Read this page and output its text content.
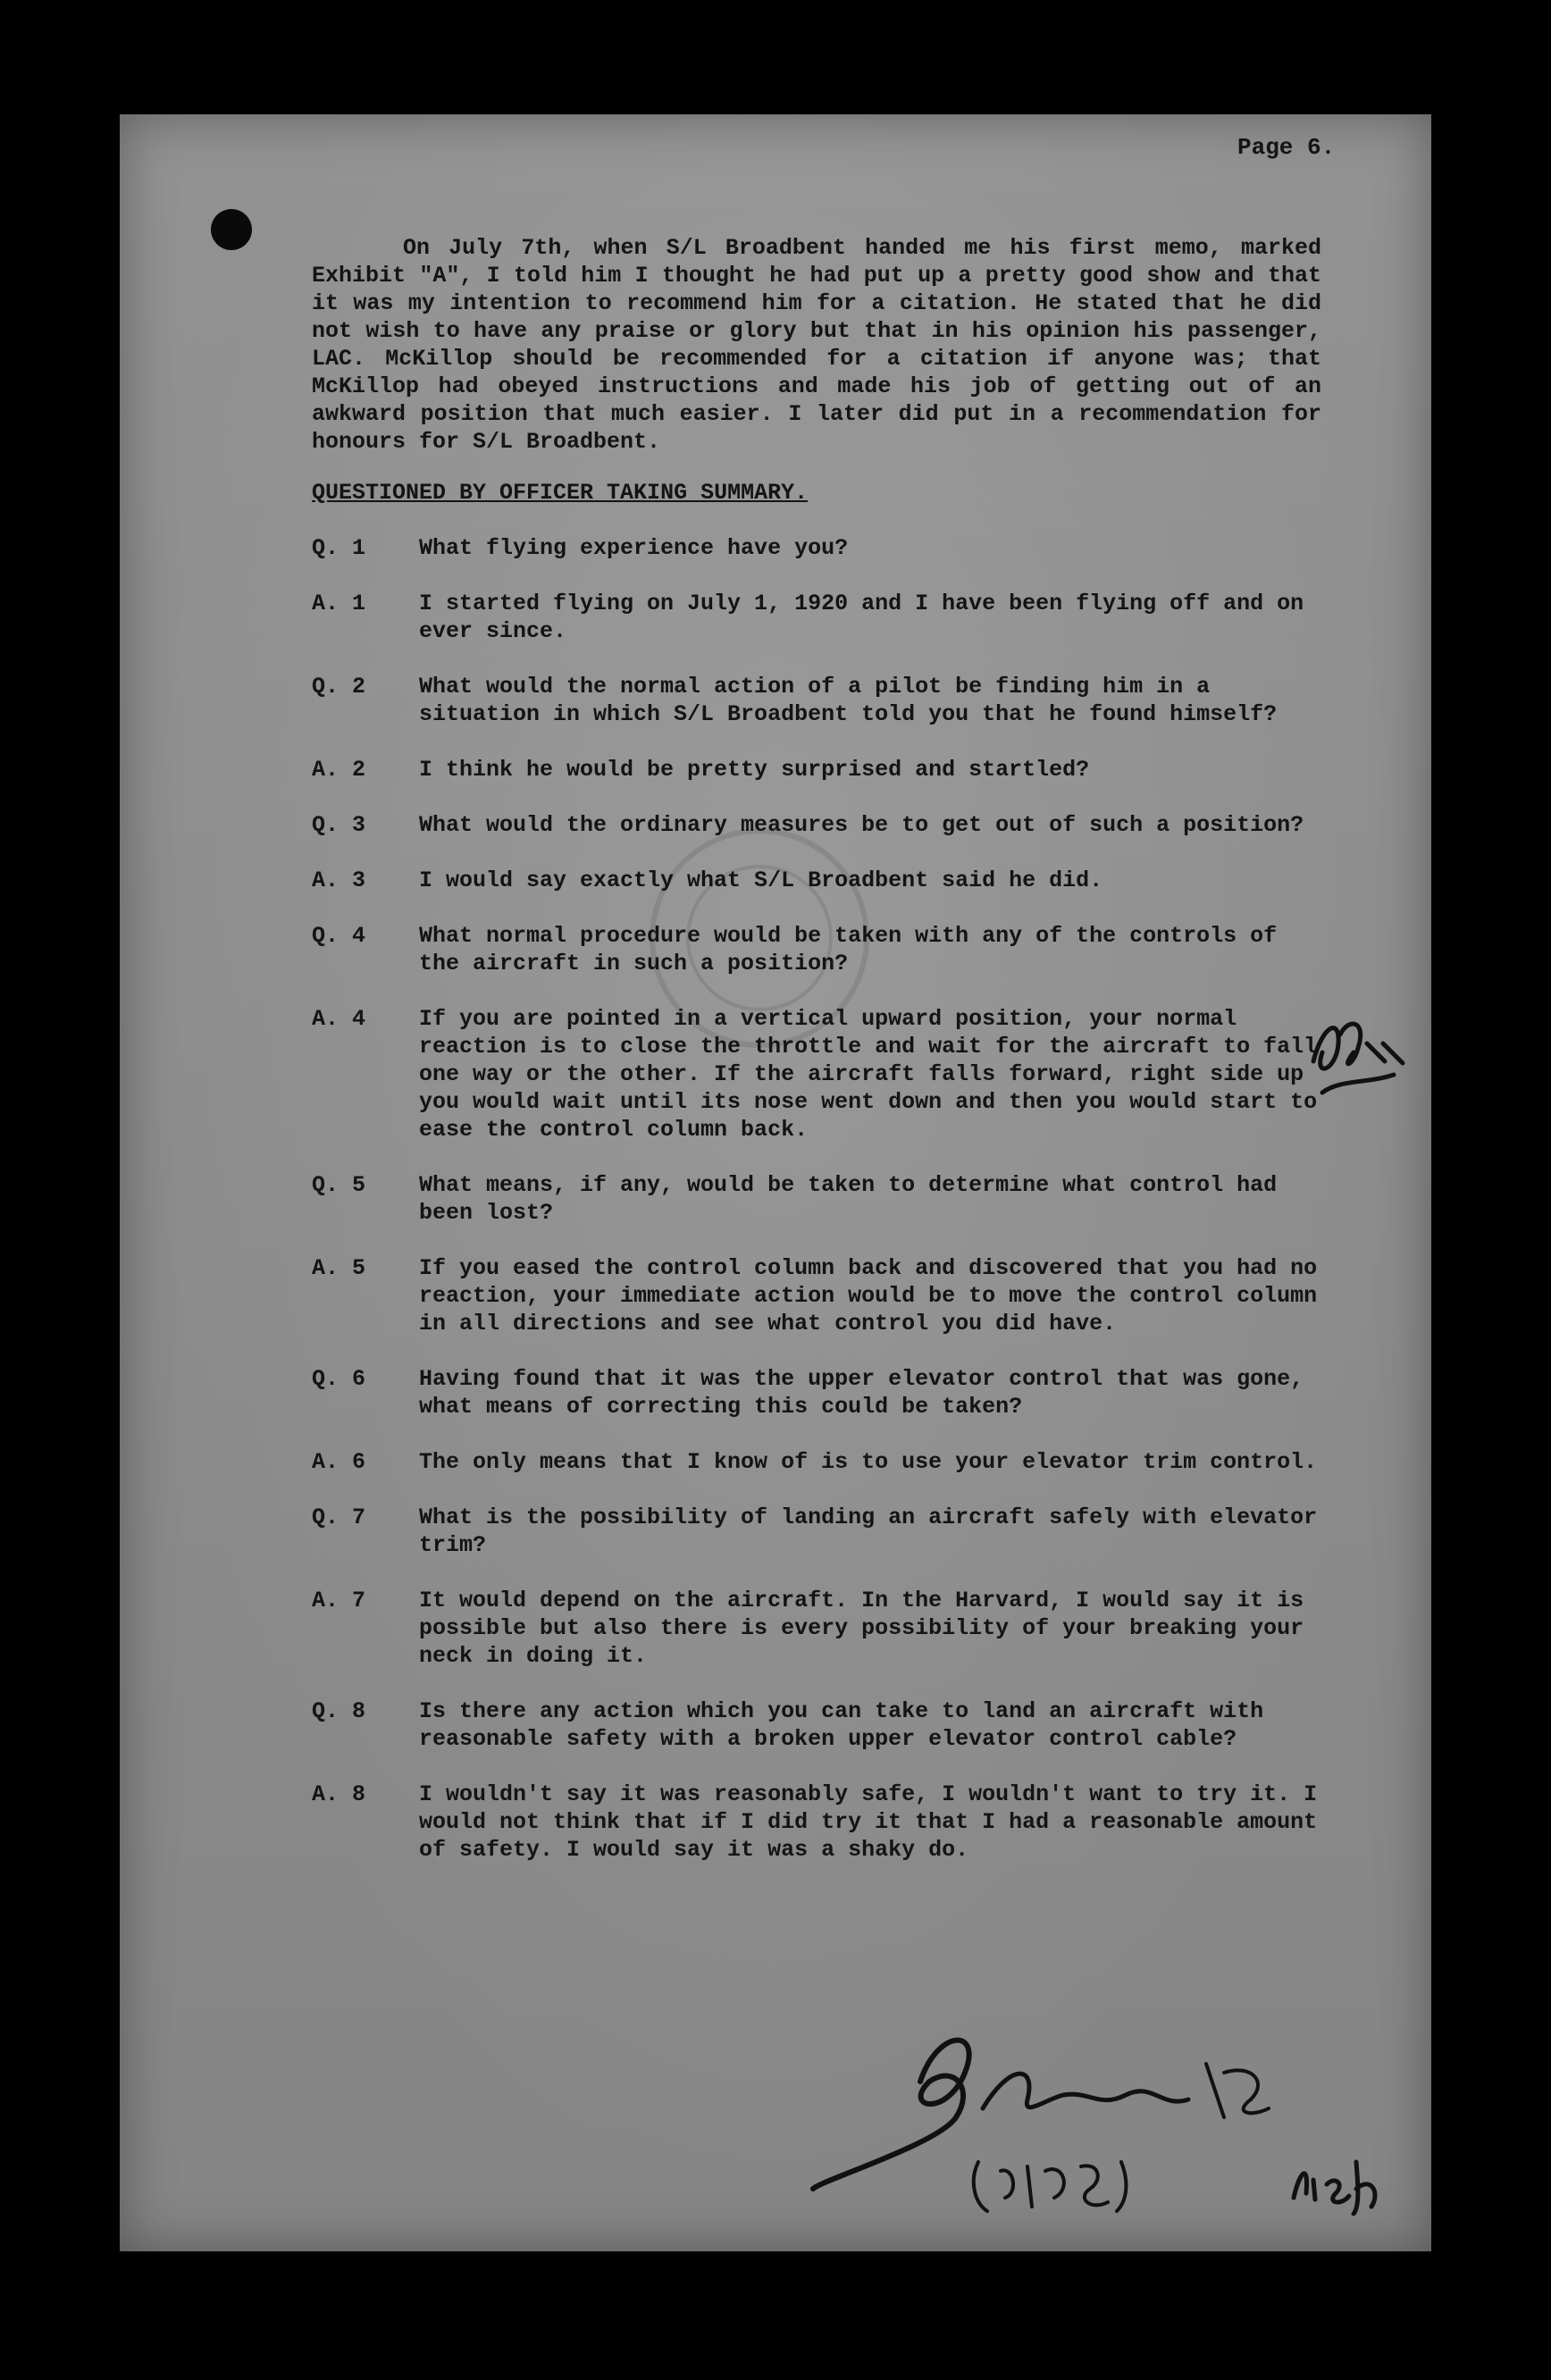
Page 6.

On July 7th, when S/L Broadbent handed me his first memo, marked Exhibit "A", I told him I thought he had put up a pretty good show and that it was my intention to recommend him for a citation. He stated that he did not wish to have any praise or glory but that in his opinion his passenger, LAC. McKillop should be recommended for a citation if anyone was; that McKillop had obeyed instructions and made his job of getting out of an awkward position that much easier. I later did put in a recommendation for honours for S/L Broadbent.

QUESTIONED BY OFFICER TAKING SUMMARY.
Q. 1	What flying experience have you?
A. 1	I started flying on July 1, 1920 and I have been flying off and on ever since.
Q. 2	What would the normal action of a pilot be finding him in a situation in which S/L Broadbent told you that he found himself?
A. 2	I think he would be pretty surprised and startled?
Q. 3	What would the ordinary measures be to get out of such a position?
A. 3	I would say exactly what S/L Broadbent said he did.
Q. 4	What normal procedure would be taken with any of the controls of the aircraft in such a position?
A. 4	If you are pointed in a vertical upward position, your normal reaction is to close the throttle and wait for the aircraft to fall one way or the other. If the aircraft falls forward, right side up you would wait until its nose went down and then you would start to ease the control column back.
Q. 5	What means, if any, would be taken to determine what control had been lost?
A. 5	If you eased the control column back and discovered that you had no reaction, your immediate action would be to move the control column in all directions and see what control you did have.
Q. 6	Having found that it was the upper elevator control that was gone, what means of correcting this could be taken?
A. 6	The only means that I know of is to use your elevator trim control.
Q. 7	What is the possibility of landing an aircraft safely with elevator trim?
A. 7	It would depend on the aircraft. In the Harvard, I would say it is possible but also there is every possibility of your breaking your neck in doing it.
Q. 8	Is there any action which you can take to land an aircraft with reasonable safety with a broken upper elevator control cable?
A. 8	I wouldn't say it was reasonably safe, I wouldn't want to try it. I would not think that if I did try it that I had a reasonable amount of safety. I would say it was a shaky do.
